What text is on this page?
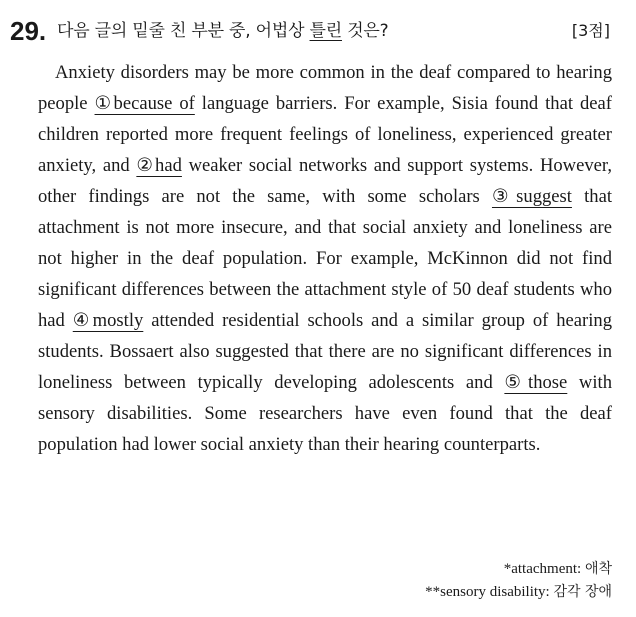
29. 다음 글의 밑줄 친 부분 중, 어법상 틀린 것은?	[3점]

Anxiety disorders may be more common in the deaf compared to hearing people ①because of language barriers. For example, Sisia found that deaf children reported more frequent feelings of loneliness, experienced greater anxiety, and ②had weaker social networks and support systems. However, other findings are not the same, with some scholars ③suggest that attachment is not more insecure, and that social anxiety and loneliness are not higher in the deaf population. For example, McKinnon did not find significant differences between the attachment style of 50 deaf students who had ④mostly attended residential schools and a similar group of hearing students. Bossaert also suggested that there are no significant differences in loneliness between typically developing adolescents and ⑤those with sensory disabilities. Some researchers have even found that the deaf population had lower social anxiety than their hearing counterparts.

*attachment: 애착
**sensory disability: 감각 장애
